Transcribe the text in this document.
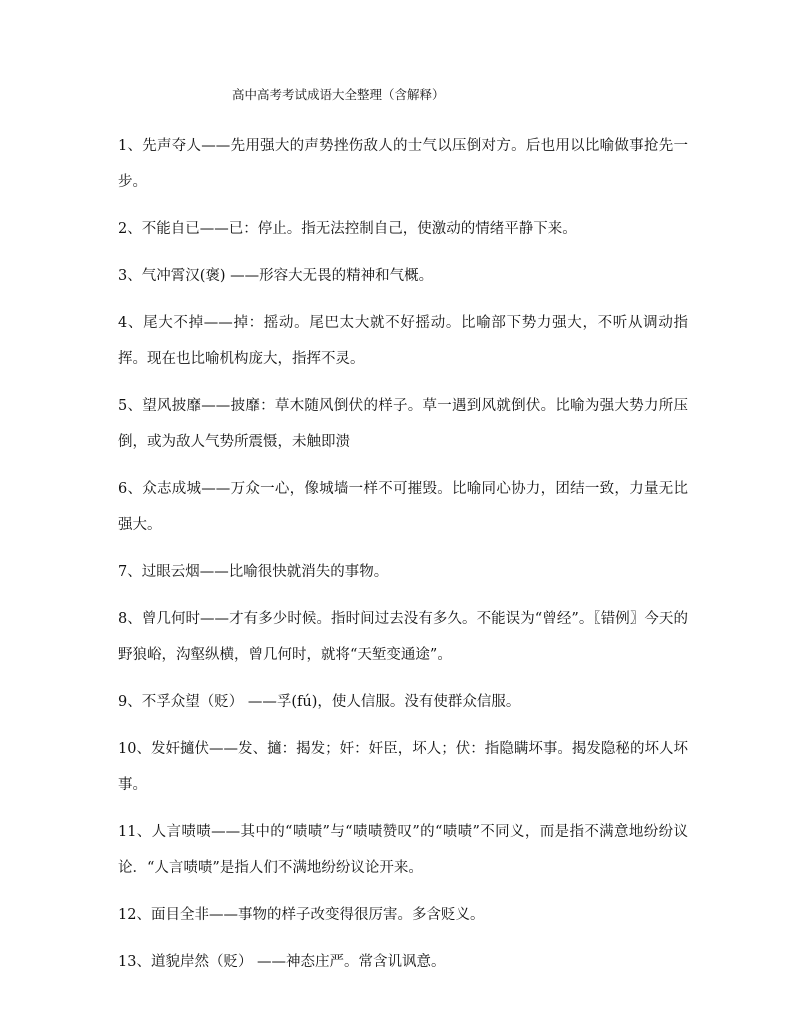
高中高考考试成语大全整理（含解释）

1、先声夺人——先用强大的声势挫伤敌人的士气以压倒对方。后也用以比喻做事抢先一步。

2、不能自已——已：停止。指无法控制自己，使激动的情绪平静下来。

3、气冲霄汉(褒) ——形容大无畏的精神和气概。

4、尾大不掉——掉：摇动。尾巴太大就不好摇动。比喻部下势力强大，不听从调动指挥。现在也比喻机构庞大，指挥不灵。

5、望风披靡——披靡：草木随风倒伏的样子。草一遇到风就倒伏。比喻为强大势力所压倒，或为敌人气势所震慑，未触即溃

6、众志成城——万众一心，像城墙一样不可摧毁。比喻同心协力，团结一致，力量无比强大。

7、过眼云烟——比喻很快就消失的事物。

8、曾几何时——才有多少时候。指时间过去没有多久。不能误为“曾经”。〖错例〗今天的野狼峪，沟壑纵横，曾几何时，就将“天堑变通途”。

9、不孚众望（贬） ——孚(fú)，使人信服。没有使群众信服。

10、发奸擿伏——发、擿：揭发；奸：奸臣，坏人；伏：指隐瞒坏事。揭发隐秘的坏人坏事。

11、人言啧啧——其中的“啧啧”与“啧啧赞叹”的“啧啧”不同义，而是指不满意地纷纷议论．“人言啧啧”是指人们不满地纷纷议论开来。

12、面目全非——事物的样子改变得很厉害。多含贬义。

13、道貌岸然（贬） ——神态庄严。常含讥讽意。
